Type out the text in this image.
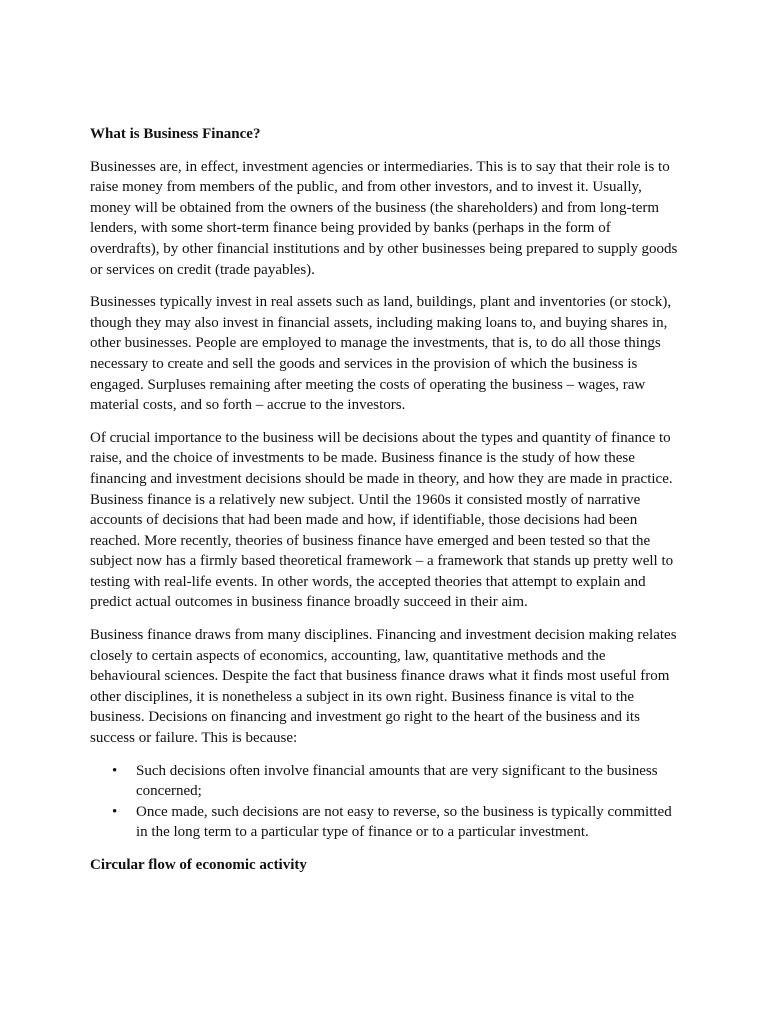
What is Business Finance?

Businesses are, in effect, investment agencies or intermediaries. This is to say that their role is to raise money from members of the public, and from other investors, and to invest it. Usually, money will be obtained from the owners of the business (the shareholders) and from long-term lenders, with some short-term finance being provided by banks (perhaps in the form of overdrafts), by other financial institutions and by other businesses being prepared to supply goods or services on credit (trade payables).

Businesses typically invest in real assets such as land, buildings, plant and inventories (or stock), though they may also invest in financial assets, including making loans to, and buying shares in, other businesses. People are employed to manage the investments, that is, to do all those things necessary to create and sell the goods and services in the provision of which the business is engaged. Surpluses remaining after meeting the costs of operating the business – wages, raw material costs, and so forth – accrue to the investors.

Of crucial importance to the business will be decisions about the types and quantity of finance to raise, and the choice of investments to be made. Business finance is the study of how these financing and investment decisions should be made in theory, and how they are made in practice. Business finance is a relatively new subject. Until the 1960s it consisted mostly of narrative accounts of decisions that had been made and how, if identifiable, those decisions had been reached. More recently, theories of business finance have emerged and been tested so that the subject now has a firmly based theoretical framework – a framework that stands up pretty well to testing with real-life events. In other words, the accepted theories that attempt to explain and predict actual outcomes in business finance broadly succeed in their aim.

Business finance draws from many disciplines. Financing and investment decision making relates closely to certain aspects of economics, accounting, law, quantitative methods and the behavioural sciences. Despite the fact that business finance draws what it finds most useful from other disciplines, it is nonetheless a subject in its own right. Business finance is vital to the business. Decisions on financing and investment go right to the heart of the business and its success or failure. This is because:

• Such decisions often involve financial amounts that are very significant to the business concerned;
• Once made, such decisions are not easy to reverse, so the business is typically committed in the long term to a particular type of finance or to a particular investment.

Circular flow of economic activity
